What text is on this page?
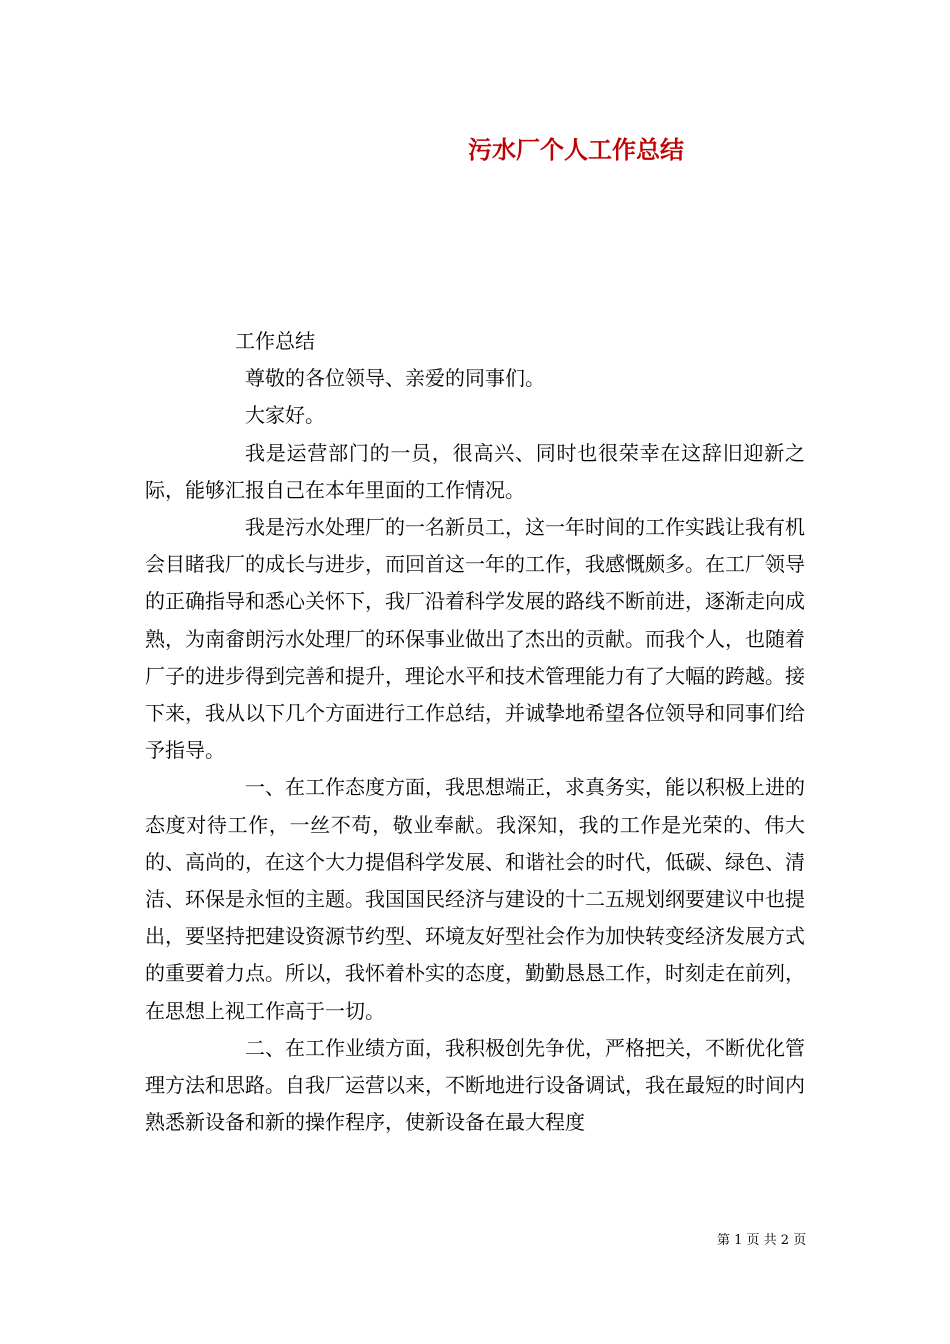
污水厂个人工作总结

工作总结

尊敬的各位领导、亲爱的同事们。

大家好。

我是运营部门的一员，很高兴、同时也很荣幸在这辞旧迎新之际，能够汇报自己在本年里面的工作情况。

我是污水处理厂的一名新员工，这一年时间的工作实践让我有机会目睹我厂的成长与进步，而回首这一年的工作，我感慨颇多。在工厂领导的正确指导和悉心关怀下，我厂沿着科学发展的路线不断前进，逐渐走向成熟，为南畲朗污水处理厂的环保事业做出了杰出的贡献。而我个人，也随着厂子的进步得到完善和提升，理论水平和技术管理能力有了大幅的跨越。接下来，我从以下几个方面进行工作总结，并诚挚地希望各位领导和同事们给予指导。

一、在工作态度方面，我思想端正，求真务实，能以积极上进的态度对待工作，一丝不苟，敬业奉献。我深知，我的工作是光荣的、伟大的、高尚的，在这个大力提倡科学发展、和谐社会的时代，低碳、绿色、清洁、环保是永恒的主题。我国国民经济与建设的十二五规划纲要建议中也提出，要坚持把建设资源节约型、环境友好型社会作为加快转变经济发展方式的重要着力点。所以，我怀着朴实的态度，勤勤恳恳工作，时刻走在前列，在思想上视工作高于一切。

二、在工作业绩方面，我积极创先争优，严格把关，不断优化管理方法和思路。自我厂运营以来，不断地进行设备调试，我在最短的时间内熟悉新设备和新的操作程序，使新设备在最大程度

第 1 页 共 2 页
